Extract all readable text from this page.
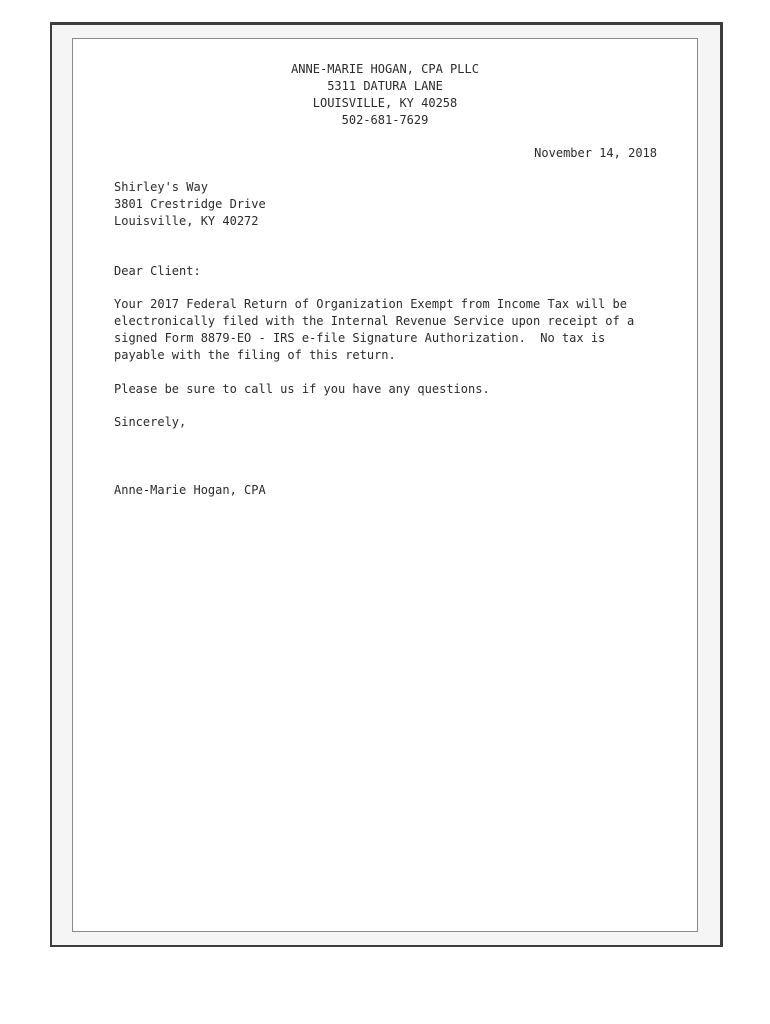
ANNE-MARIE HOGAN, CPA PLLC
5311 DATURA LANE
LOUISVILLE, KY 40258
502-681-7629
November 14, 2018
Shirley's Way
3801 Crestridge Drive
Louisville, KY 40272
Dear Client:
Your 2017 Federal Return of Organization Exempt from Income Tax will be
electronically filed with the Internal Revenue Service upon receipt of a
signed Form 8879-EO - IRS e-file Signature Authorization.  No tax is
payable with the filing of this return.
Please be sure to call us if you have any questions.
Sincerely,
Anne-Marie Hogan, CPA
